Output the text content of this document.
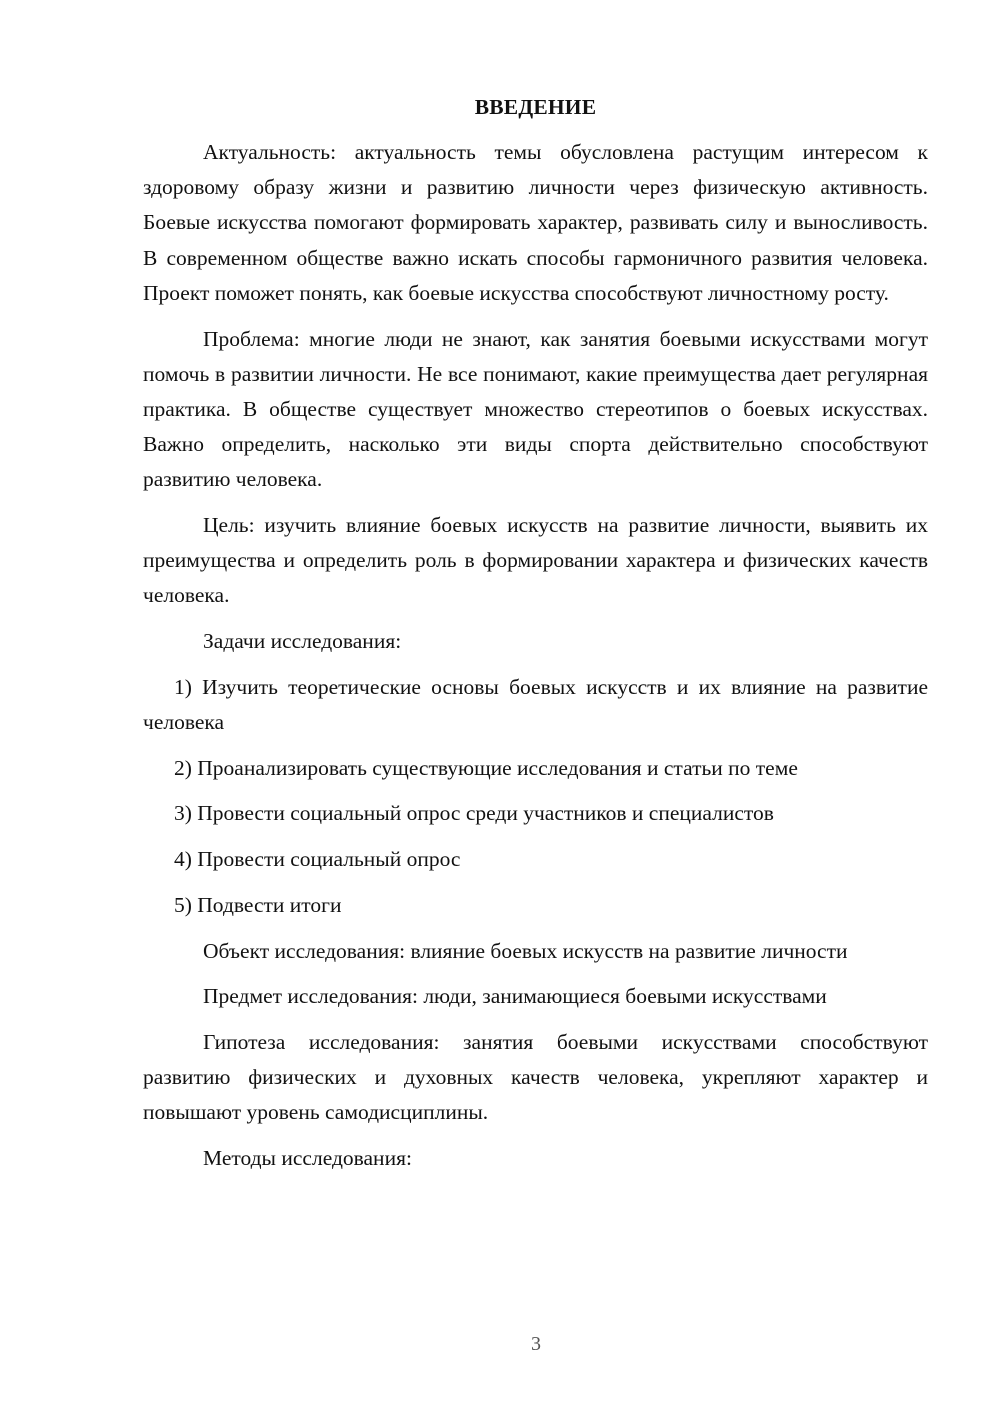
ВВЕДЕНИЕ

Актуальность: актуальность темы обусловлена растущим интересом к здоровому образу жизни и развитию личности через физическую активность. Боевые искусства помогают формировать характер, развивать силу и выносливость. В современном обществе важно искать способы гармоничного развития человека. Проект поможет понять, как боевые искусства способствуют личностному росту.

Проблема: многие люди не знают, как занятия боевыми искусствами могут помочь в развитии личности. Не все понимают, какие преимущества дает регулярная практика. В обществе существует множество стереотипов о боевых искусствах. Важно определить, насколько эти виды спорта действительно способствуют развитию человека.

Цель: изучить влияние боевых искусств на развитие личности, выявить их преимущества и определить роль в формировании характера и физических качеств человека.

Задачи исследования:

1) Изучить теоретические основы боевых искусств и их влияние на развитие человека

2) Проанализировать существующие исследования и статьи по теме

3) Провести социальный опрос среди участников и специалистов

4) Провести социальный опрос

5) Подвести итоги

Объект исследования: влияние боевых искусств на развитие личности

Предмет исследования: люди, занимающиеся боевыми искусствами

Гипотеза исследования: занятия боевыми искусствами способствуют развитию физических и духовных качеств человека, укрепляют характер и повышают уровень самодисциплины.

Методы исследования:

3
